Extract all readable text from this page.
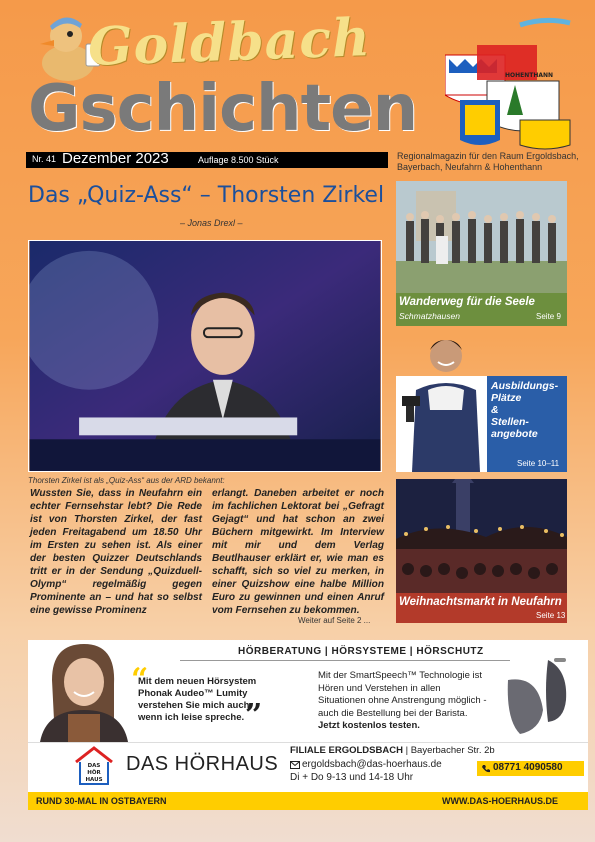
Goldbach
Gschichten	HOHENTHANN
Nr. 41 Dezember 2023	Auflage 8.500 Stück	Regionalmagazin für den Raum Ergoldsbach, Bayerbach, Neufahrn & Hohenthann
Das „Quiz-Ass“ – Thorsten Zirkel
– Jonas Drexl –
Thorsten Zirkel ist als „Quiz-Ass“ aus der ARD bekannt:
Wussten Sie, dass in Neufahrn ein echter Fernsehstar lebt? Die Rede ist von Thorsten Zirkel, der fast jeden Freitagabend um 18.50 Uhr im Ersten zu sehen ist. Als einer der besten Quizzer Deutschlands tritt er in der Sendung „Quizduell-Olymp“ regelmäßig gegen Prominente an – und hat so selbst eine gewisse Prominenz
erlangt. Daneben arbeitet er noch im fachlichen Lektorat bei „Gefragt Gejagt“ und hat schon an zwei Büchern mitgewirkt. Im Interview mit mir und dem Verlag Beutlhauser erklärt er, wie man es schafft, sich so viel zu merken, in einer Quizshow eine halbe Million Euro zu gewinnen und einen Anruf vom Fernsehen zu bekommen.
Weiter auf Seite 2 ...
Wanderweg für die Seele
Schmatzhausen	Seite 9
Ausbildungs-
Plätze
&
Stellen-
angebote
Seite 10–11
Weihnachtsmarkt in Neufahrn
Seite 13
HÖRBERATUNG | HÖRSYSTEME | HÖRSCHUTZ
“
”
Mit dem neuen Hörsystem Phonak Audeo™ Lumity verstehen Sie mich auch wenn ich leise spreche.
Mit der SmartSpeech™ Technologie ist Hören und Verstehen in allen Situationen ohne Anstrengung möglich - auch die Bestellung bei der Barista. Jetzt kostenlos testen.
DAS
HÖR
HAUS
DAS HÖRHAUS
FILIALE ERGOLDSBACH | Bayerbacher Str. 2b
ergoldsbach@das-hoerhaus.de
Di + Do 9-13 und 14-18 Uhr
08771 4090580
RUND 30-MAL IN OSTBAYERN	WWW.DAS-HOERHAUS.DE
